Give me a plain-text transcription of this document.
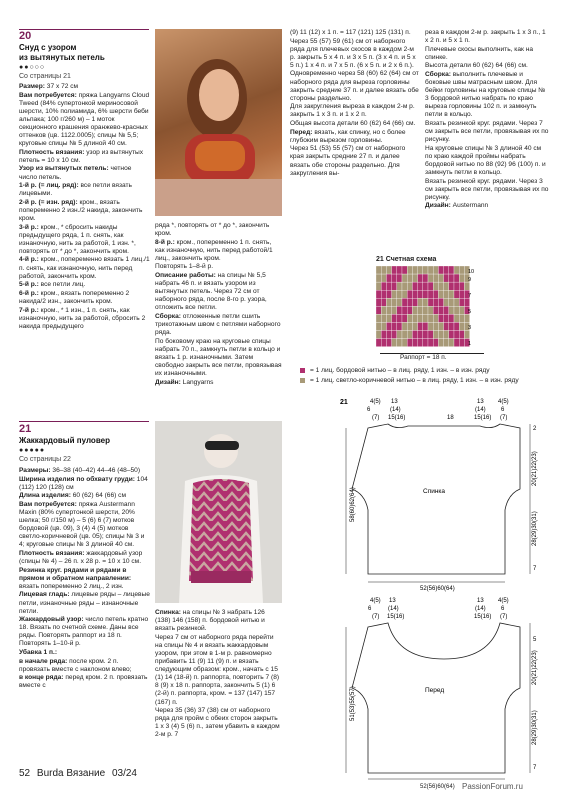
20
Снуд с узором
из вытянутых петель
●●○○○
Со страницы 21

Размер: 37 x 72 см

Вам потребуется: пряжа Langyarns Cloud Tweed (84% супертонкой мериносовой шерсти, 10% полиамида, 6% шерсти беби альпака; 100 г/260 м) – 1 моток секционного крашения оранжево-красных оттенков (цв. 1122.0005); спицы № 5,5; круговые спицы № 5 длиной 40 см.

Плотность вязания: узор из вытянутых петель = 10 x 10 см.

Узор из вытянутых петель: четное число петель.

1-й р. (= лиц. ряд): все петли вязать лицевыми.

2-й р. (= изн. ряд): кром., вязать попеременно 2 изн./2 накида, закончить кром.

3-й р.: кром., * сбросить накиды предыдущего ряда, 1 п. снять, как изнаночную, нить за работой, 1 изн. *, повторять от * до *, закончить кром.

4-й р.: кром., попеременно вязать 1 лиц./1 п. снять, как изнаночную, нить перед работой, закончить кром.

5-й р.: все петли лиц.

6-й р.: кром., вязать попеременно 2 накида/2 изн., закончить кром.

7-й р.: кром., * 1 изн., 1 п. снять, как изнаночную, нить за работой, сбросить 2 накида предыдущего

ряда *, повторять от * до *, закончить кром.

8-й р.: кром., попеременно 1 п. снять, как изнаночную, нить перед работой/1 лиц., закончить кром.

Повторять 1–8-й р.

Описание работы: на спицы № 5,5 набрать 46 п. и вязать узором из вытянутых петель. Через 72 см от наборного ряда, после 8-го р. узора, отложить все петли.

Сборка: отложенные петли сшить трикотажным швом с петлями наборного ряда.

По боковому краю на круговые спицы набрать 70 п., замкнуть петли в кольцо и вязать 1 р. изнаночными. Затем свободно закрыть все петли, провязывая их изнаночными.

Дизайн: Langyarns

21
Жаккардовый пуловер
●●●●●
Со страницы 22

Размеры: 36–38 (40–42) 44–46 (48–50)

Ширина изделия по обхвату груди: 104 (112) 120 (128) см

Длина изделия: 60 (62) 64 (66) см

Вам потребуется: пряжа Austermann Maxin (80% супертонкой шерсти, 20% шелка; 50 г/150 м) – 5 (6) 6 (7) мотков бордовой (цв. 09), 3 (4) 4 (5) мотков светло-коричневой (цв. 05); спицы № 3 и 4; круговые спицы № 3 длиной 40 см.

Плотность вязания: жаккардовый узор (спицы № 4) – 26 п. x 28 р. = 10 x 10 см.

Резинка круг. рядами и рядами в прямом и обратном направлении: вязать попеременно 2 лиц., 2 изн.

Лицевая гладь: лицевые ряды – лицевые петли, изнаночные ряды – изнаночные петли.

Жаккардовый узор: число петель кратно 18. Вязать по счетной схеме. Даны все ряды. Повторять раппорт из 18 п. Повторять 1–10-й р.

Убавка 1 п.:

в начале ряда: после кром. 2 п. провязать вместе с наклоном влево;

в конце ряда: перед кром. 2 п. провязать вместе с

Спинка: на спицы № 3 набрать 126 (138) 146 (158) п. бордовой нитью и вязать резинкой.

Через 7 см от наборного ряда перейти на спицы № 4 и вязать жаккардовым узором, при этом в 1-м р. равномерно прибавить 11 (9) 11 (9) п. и вязать следующим образом: кром., начать с 15 (1) 14 (18-й) п. раппорта, повторить 7 (8) 8 (9) x 18 п. раппорта, закончить 5 (1) 6 (2-й) п. раппорта, кром. = 137 (147) 157 (167) п.

Через 35 (36) 37 (38) см от наборного ряда для пройм с обеих сторон закрыть 1 x 3 (4) 5 (6) п., затем убавить в каждом 2-м р. 7

(9) 11 (12) x 1 п. = 117 (121) 125 (131) п.

Через 55 (57) 59 (61) см от наборного ряда для плечевых скосов в каждом 2-м р. закрыть 5 x 4 п. и 3 x 5 п. (3 x 4 п. и 5 x 5 п.) 1 x 4 п. и 7 x 5 п. (6 x 5 п. и 2 x 6 п.).

Одновременно через 58 (60) 62 (64) см от наборного ряда для выреза горловины закрыть средние 37 п. и далее вязать обе стороны раздельно.

Для закругления выреза в каждом 2-м р. закрыть 1 x 3 п. и 1 x 2 п.

Общая высота детали 60 (62) 64 (66) см.

Перед: вязать, как спинку, но с более глубоким вырезом горловины.

Через 51 (53) 55 (57) см от наборного края закрыть средние 27 п. и далее вязать обе стороны раздельно. Для закругления вы-

реза в каждом 2-м р. закрыть 1 x 3 п., 1 x 2 п. и 5 x 1 п.

Плечевые скосы выполнить, как на спинке.

Высота детали 60 (62) 64 (66) см.

Сборка: выполнить плечевые и боковые швы матрасным швом. Для бейки горловины на круговые спицы № 3 бордовой нитью набрать по краю выреза горловины 102 п. и замкнуть петли в кольцо.

Вязать резинкой круг. рядами. Через 7 см закрыть все петли, провязывая их по рисунку.

На круговые спицы № 3 длиной 40 см по краю каждой проймы набрать бордовой нитью по 88 (92) 96 (100) п. и замкнуть петли в кольцо.

Вязать резинкой круг. рядами. Через 3 см закрыть все петли, провязывая их по рисунку.

Дизайн: Austermann

21 Счетная схема
10
9
7
5
3
1
Раппорт = 18 п.
= 1 лиц. бордовой нитью – в лиц. ряду, 1 изн. – в изн. ряду
= 1 лиц. светло-коричневой нитью – в лиц. ряду, 1 изн. – в изн. ряду
21	4(5)
6
(7)
13
(14)
15(16)	18
13
(14)
15(16)
4(5)
6
(7)
2
20(21)22(23)
28(29)30(31)
7
58(60)62(64)	Спинка
52(56)60(64)
4(5)
6
(7)
13
(14)
15(16)
4(5)
6
(7)
13
(14)
15(16)
5
20(21)22(23)
28(29)30(31)
7
51(53)55(57)	Перед
52(56)60(64)
52 Burda Вязание 03/24
PassionForum.ru
